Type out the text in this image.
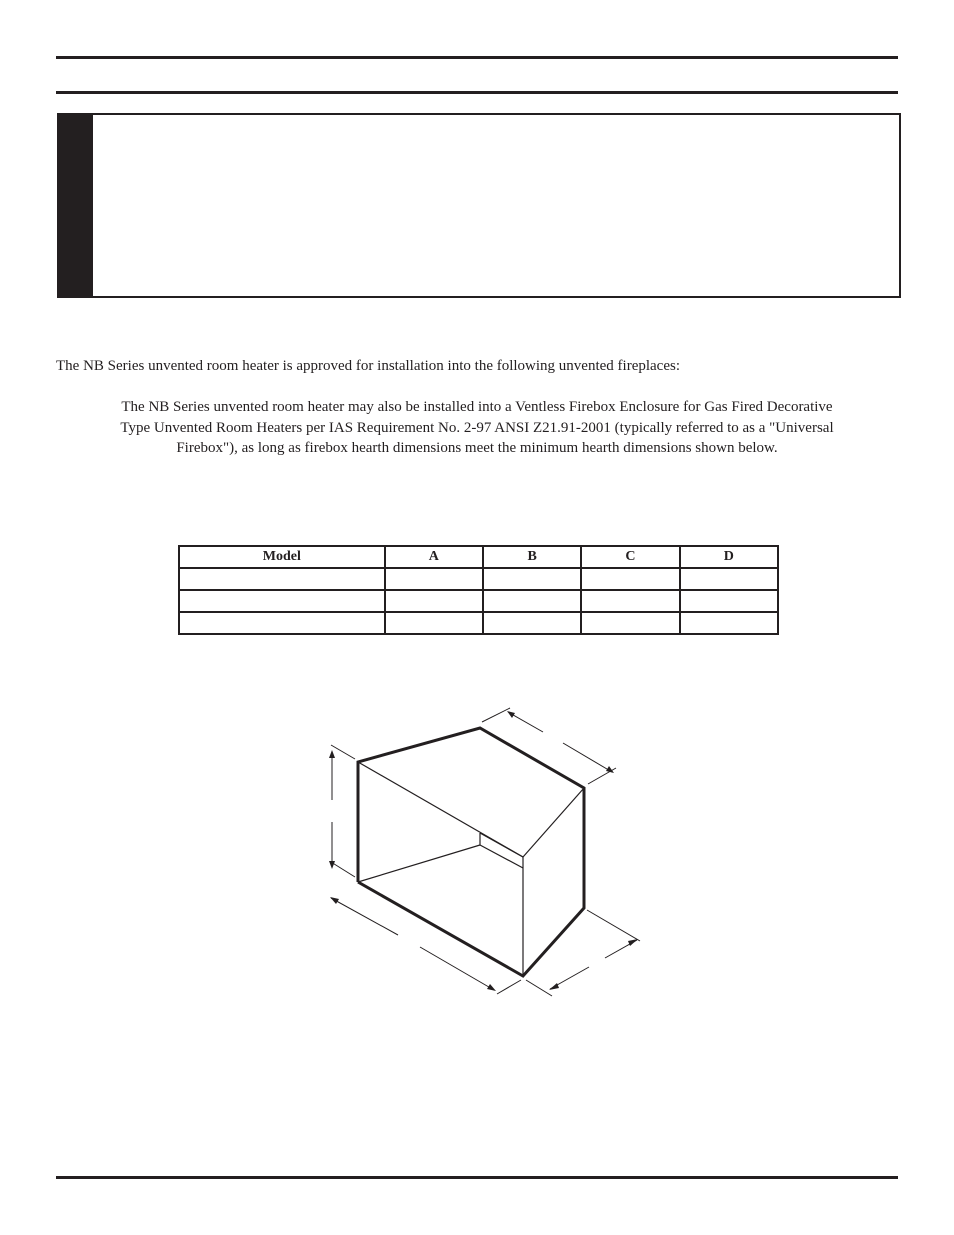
The NB Series unvented room heater is approved for installation into the following unvented fireplaces:
The NB Series unvented room heater may also be installed into a Ventless Firebox Enclosure for Gas Fired Decorative
Type Unvented Room Heaters per IAS Requirement No. 2-97 ANSI Z21.91-2001 (typically referred to as a "Universal
Firebox"), as long as firebox hearth dimensions meet the minimum hearth dimensions shown below.
Model	A	B	C	D
